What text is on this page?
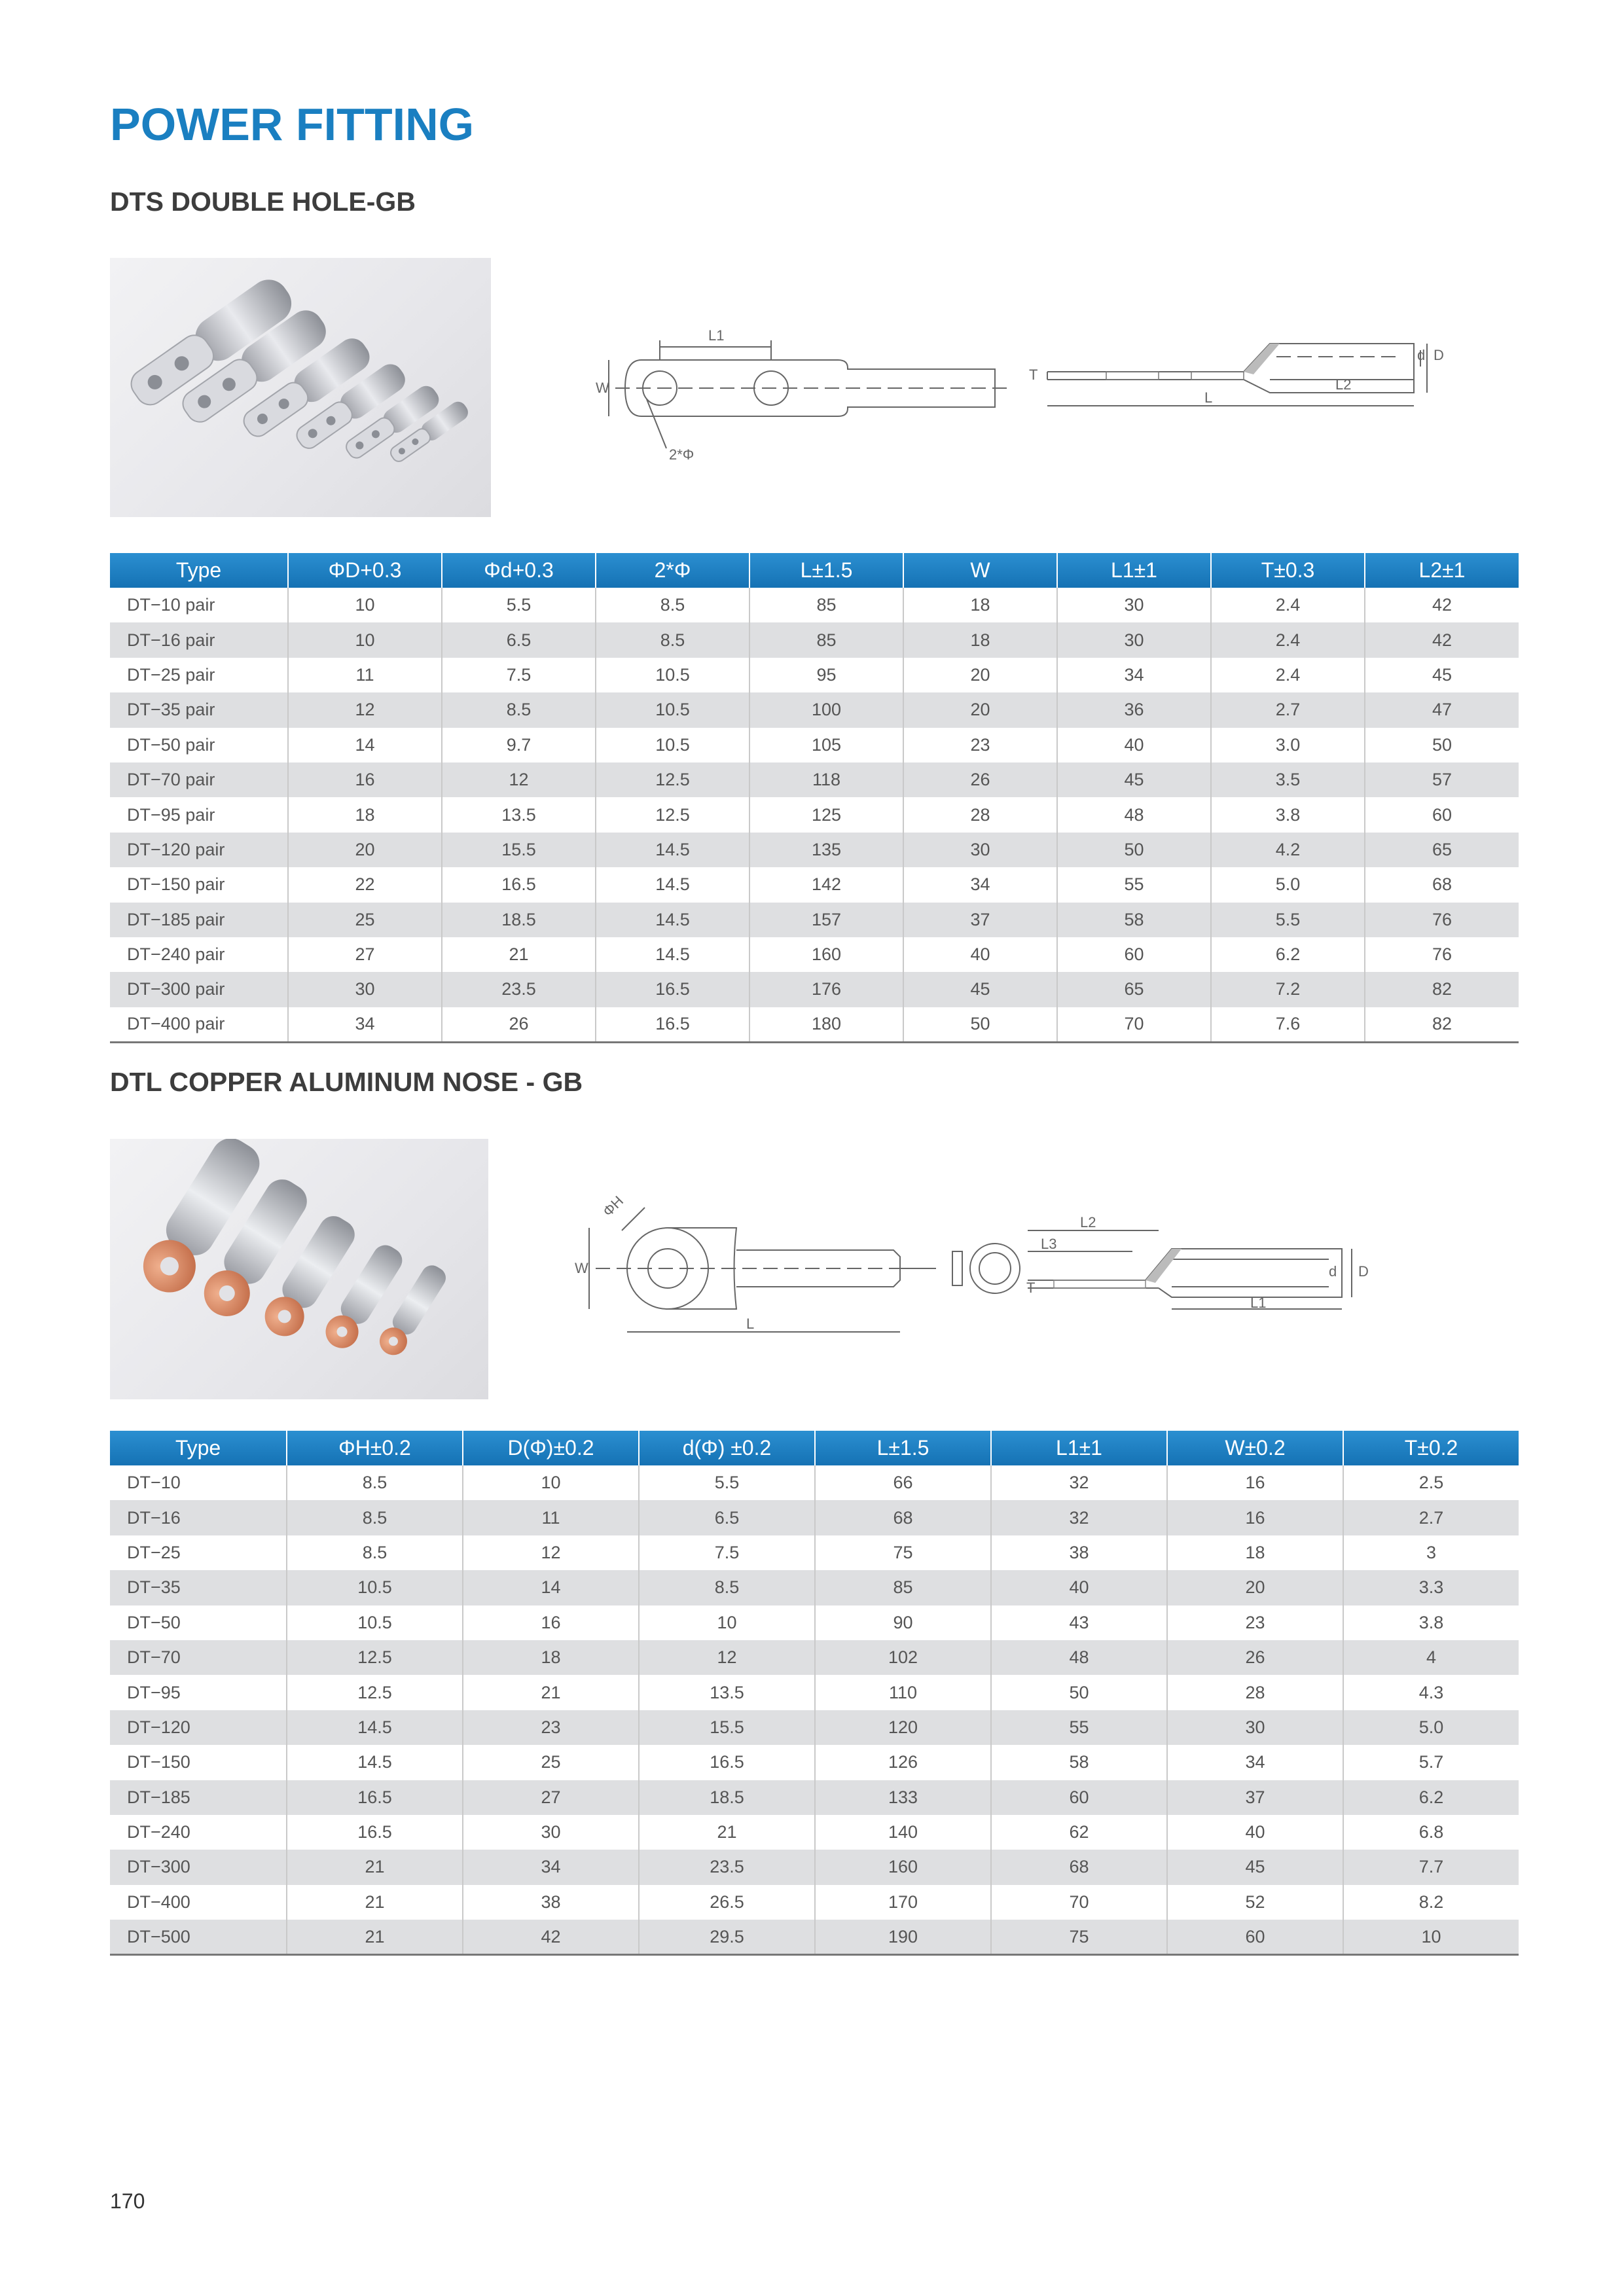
POWER FITTING
DTS DOUBLE HOLE-GB
L1
W
2*Φ
T
d D
L2
L
Type	ΦD+0.3	Φd+0.3	2*Φ	L±1.5	W	L1±1	T±0.3	L2±1
DT−10 pair	10	5.5	8.5	85	18	30	2.4	42
DT−16 pair	10	6.5	8.5	85	18	30	2.4	42
DT−25 pair	11	7.5	10.5	95	20	34	2.4	45
DT−35 pair	12	8.5	10.5	100	20	36	2.7	47
DT−50 pair	14	9.7	10.5	105	23	40	3.0	50
DT−70 pair	16	12	12.5	118	26	45	3.5	57
DT−95 pair	18	13.5	12.5	125	28	48	3.8	60
DT−120 pair	20	15.5	14.5	135	30	50	4.2	65
DT−150 pair	22	16.5	14.5	142	34	55	5.0	68
DT−185 pair	25	18.5	14.5	157	37	58	5.5	76
DT−240 pair	27	21	14.5	160	40	60	6.2	76
DT−300 pair	30	23.5	16.5	176	45	65	7.2	82
DT−400 pair	34	26	16.5	180	50	70	7.6	82
DTL COPPER ALUMINUM NOSE - GB
ΦH
W
L
T
L2
L3
d D
L1
Type	ΦH±0.2	D(Φ)±0.2	d(Φ) ±0.2	L±1.5	L1±1	W±0.2	T±0.2
DT−10	8.5	10	5.5	66	32	16	2.5
DT−16	8.5	11	6.5	68	32	16	2.7
DT−25	8.5	12	7.5	75	38	18	3
DT−35	10.5	14	8.5	85	40	20	3.3
DT−50	10.5	16	10	90	43	23	3.8
DT−70	12.5	18	12	102	48	26	4
DT−95	12.5	21	13.5	110	50	28	4.3
DT−120	14.5	23	15.5	120	55	30	5.0
DT−150	14.5	25	16.5	126	58	34	5.7
DT−185	16.5	27	18.5	133	60	37	6.2
DT−240	16.5	30	21	140	62	40	6.8
DT−300	21	34	23.5	160	68	45	7.7
DT−400	21	38	26.5	170	70	52	8.2
DT−500	21	42	29.5	190	75	60	10
170
